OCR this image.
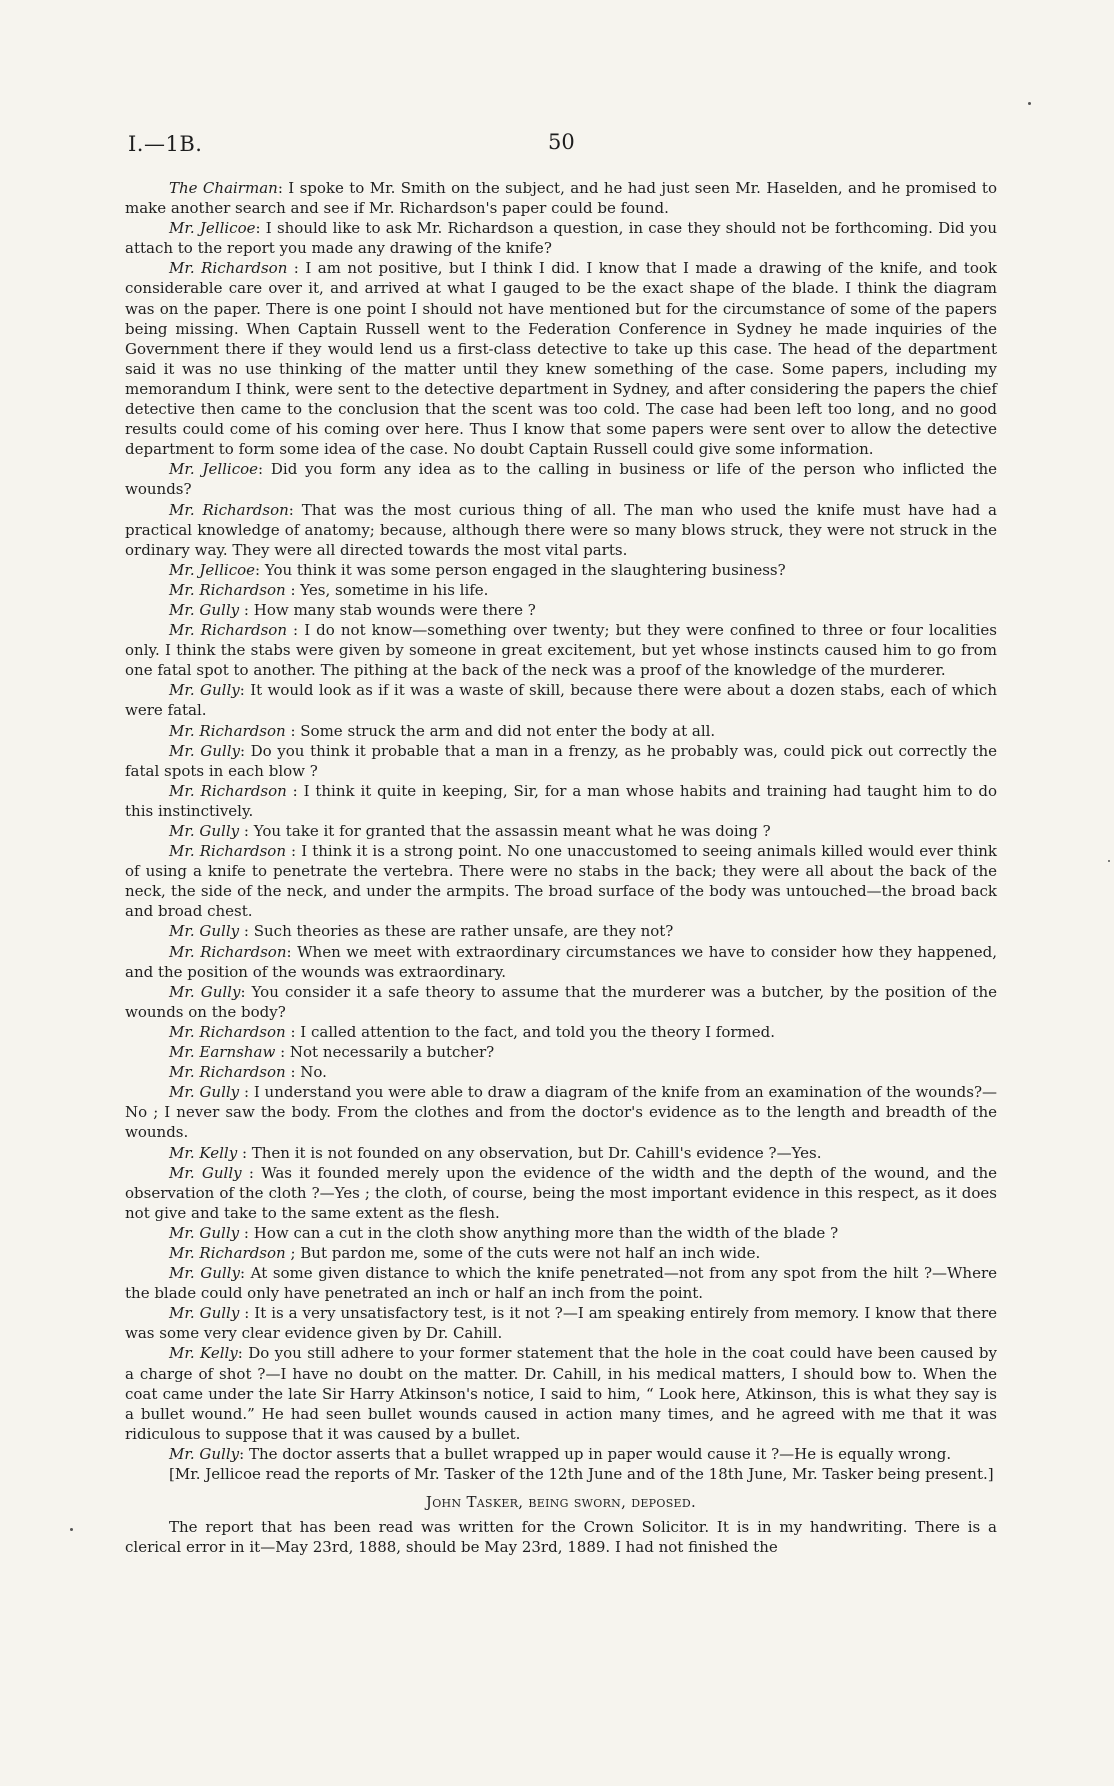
I.—1B.	50

The Chairman: I spoke to Mr. Smith on the subject, and he had just seen Mr. Haselden, and he promised to make another search and see if Mr. Richardson's paper could be found.

Mr. Jellicoe: I should like to ask Mr. Richardson a question, in case they should not be forthcoming. Did you attach to the report you made any drawing of the knife?

Mr. Richardson : I am not positive, but I think I did. I know that I made a drawing of the knife, and took considerable care over it, and arrived at what I gauged to be the exact shape of the blade. I think the diagram was on the paper. There is one point I should not have mentioned but for the circumstance of some of the papers being missing. When Captain Russell went to the Federation Conference in Sydney he made inquiries of the Government there if they would lend us a first-class detective to take up this case. The head of the department said it was no use thinking of the matter until they knew something of the case. Some papers, including my memorandum I think, were sent to the detective department in Sydney, and after considering the papers the chief detective then came to the conclusion that the scent was too cold. The case had been left too long, and no good results could come of his coming over here. Thus I know that some papers were sent over to allow the detective department to form some idea of the case. No doubt Captain Russell could give some information.

Mr. Jellicoe: Did you form any idea as to the calling in business or life of the person who inflicted the wounds?

Mr. Richardson: That was the most curious thing of all. The man who used the knife must have had a practical knowledge of anatomy; because, although there were so many blows struck, they were not struck in the ordinary way. They were all directed towards the most vital parts.

Mr. Jellicoe: You think it was some person engaged in the slaughtering business?

Mr. Richardson : Yes, sometime in his life.

Mr. Gully : How many stab wounds were there ?

Mr. Richardson : I do not know—something over twenty; but they were confined to three or four localities only. I think the stabs were given by someone in great excitement, but yet whose instincts caused him to go from one fatal spot to another. The pithing at the back of the neck was a proof of the knowledge of the murderer.

Mr. Gully: It would look as if it was a waste of skill, because there were about a dozen stabs, each of which were fatal.

Mr. Richardson : Some struck the arm and did not enter the body at all.

Mr. Gully: Do you think it probable that a man in a frenzy, as he probably was, could pick out correctly the fatal spots in each blow ?

Mr. Richardson : I think it quite in keeping, Sir, for a man whose habits and training had taught him to do this instinctively.

Mr. Gully : You take it for granted that the assassin meant what he was doing ?

Mr. Richardson : I think it is a strong point. No one unaccustomed to seeing animals killed would ever think of using a knife to penetrate the vertebra. There were no stabs in the back; they were all about the back of the neck, the side of the neck, and under the armpits. The broad surface of the body was untouched—the broad back and broad chest.

Mr. Gully : Such theories as these are rather unsafe, are they not?

Mr. Richardson: When we meet with extraordinary circumstances we have to consider how they happened, and the position of the wounds was extraordinary.

Mr. Gully: You consider it a safe theory to assume that the murderer was a butcher, by the position of the wounds on the body?

Mr. Richardson : I called attention to the fact, and told you the theory I formed.

Mr. Earnshaw : Not necessarily a butcher?

Mr. Richardson : No.

Mr. Gully : I understand you were able to draw a diagram of the knife from an examination of the wounds?—No ; I never saw the body. From the clothes and from the doctor's evidence as to the length and breadth of the wounds.

Mr. Kelly : Then it is not founded on any observation, but Dr. Cahill's evidence ?—Yes.

Mr. Gully : Was it founded merely upon the evidence of the width and the depth of the wound, and the observation of the cloth ?—Yes ; the cloth, of course, being the most important evidence in this respect, as it does not give and take to the same extent as the flesh.

Mr. Gully : How can a cut in the cloth show anything more than the width of the blade ?

Mr. Richardson ; But pardon me, some of the cuts were not half an inch wide.

Mr. Gully: At some given distance to which the knife penetrated—not from any spot from the hilt ?—Where the blade could only have penetrated an inch or half an inch from the point.

Mr. Gully : It is a very unsatisfactory test, is it not ?—I am speaking entirely from memory. I know that there was some very clear evidence given by Dr. Cahill.

Mr. Kelly: Do you still adhere to your former statement that the hole in the coat could have been caused by a charge of shot ?—I have no doubt on the matter. Dr. Cahill, in his medical matters, I should bow to. When the coat came under the late Sir Harry Atkinson's notice, I said to him, “ Look here, Atkinson, this is what they say is a bullet wound.” He had seen bullet wounds caused in action many times, and he agreed with me that it was ridiculous to suppose that it was caused by a bullet.

Mr. Gully: The doctor asserts that a bullet wrapped up in paper would cause it ?—He is equally wrong.

[Mr. Jellicoe read the reports of Mr. Tasker of the 12th June and of the 18th June, Mr. Tasker being present.]

John Tasker, being sworn, deposed.

The report that has been read was written for the Crown Solicitor. It is in my handwriting. There is a clerical error in it—May 23rd, 1888, should be May 23rd, 1889. I had not finished the
